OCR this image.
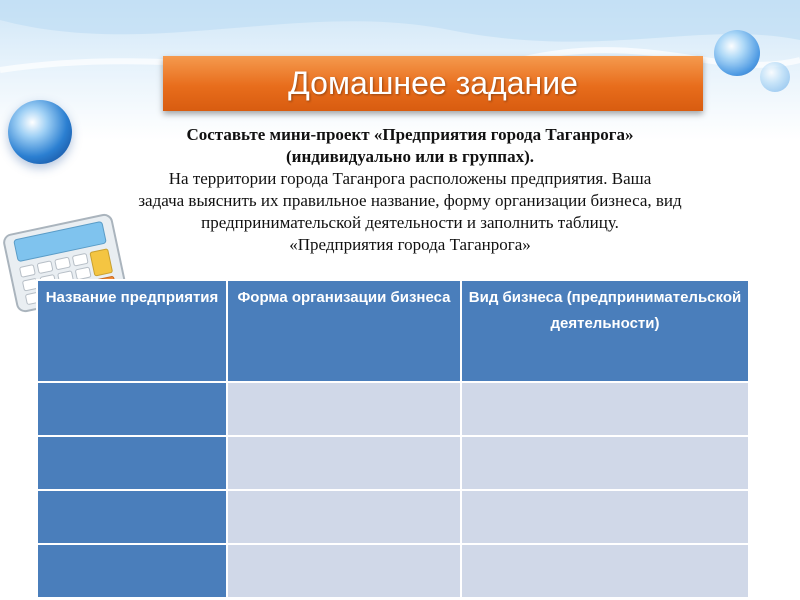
Домашнее задание
Составьте мини-проект «Предприятия города Таганрога»
(индивидуально или в группах).
На территории города Таганрога расположены предприятия. Ваша
задача выяснить их правильное название, форму организации бизнеса, вид
предпринимательской деятельности и заполнить таблицу.
«Предприятия города Таганрога»
Название предприятия	Форма организации бизнеса	Вид бизнеса (предпринимательской деятельности)
